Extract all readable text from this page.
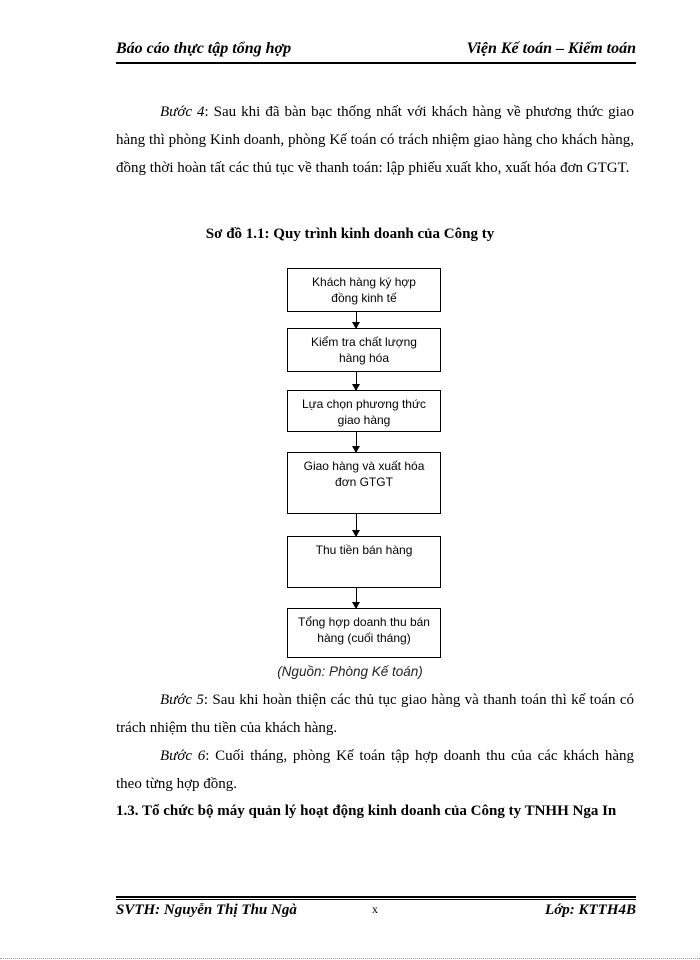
Báo cáo thực tập tổng hợp	Viện Kế toán – Kiểm toán

Bước 4: Sau khi đã bàn bạc thống nhất với khách hàng về phương thức giao hàng thì phòng Kinh doanh, phòng Kế toán có trách nhiệm giao hàng cho khách hàng, đồng thời hoàn tất các thủ tục về thanh toán: lập phiếu xuất kho, xuất hóa đơn GTGT.

Sơ đồ 1.1: Quy trình kinh doanh của Công ty
Khách hàng ký hợp
đồng kinh tế
Kiểm tra chất lượng
hàng hóa
Lựa chọn phương thức
giao hàng
Giao hàng và xuất hóa
đơn GTGT
Thu tiền bán hàng
Tổng hợp doanh thu bán
hàng (cuối tháng)
(Nguồn: Phòng Kế toán)

Bước 5: Sau khi hoàn thiện các thủ tục giao hàng và thanh toán thì kế toán có trách nhiệm thu tiền của khách hàng.

Bước 6: Cuối tháng, phòng Kế toán tập hợp doanh thu của các khách hàng theo từng hợp đồng.

1.3. Tổ chức bộ máy quản lý hoạt động kinh doanh của Công ty TNHH Nga In
SVTH: Nguyễn Thị Thu Ngà	x	Lớp: KTTH4B
